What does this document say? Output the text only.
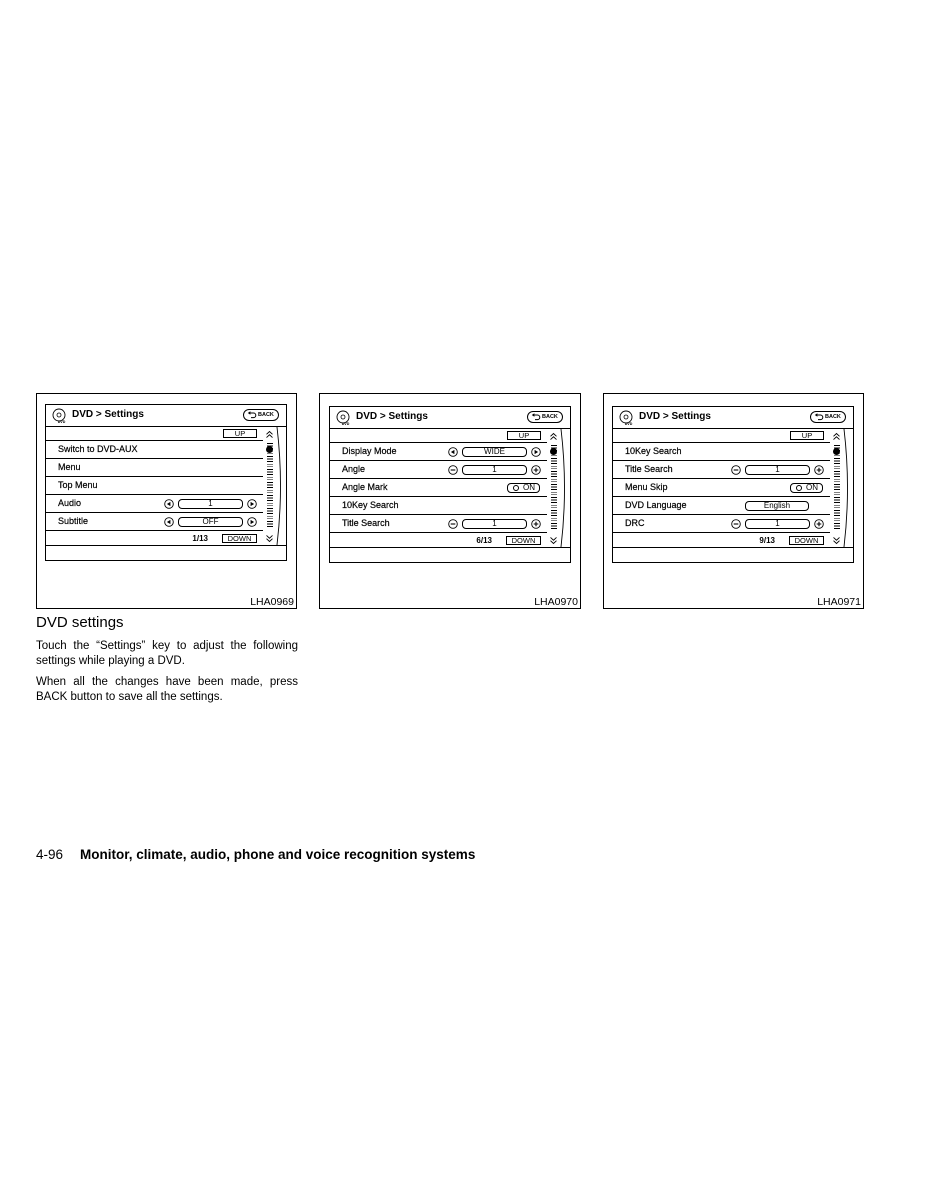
DVD
DVD > Settings	BACK
UP
Switch to DVD-AUX
Menu
Top Menu
Audio	1
Subtitle	OFF
1/13	DOWN
LHA0969
DVD
DVD > Settings	BACK
UP
Display Mode	WIDE
Angle	1
Angle Mark	ON
10Key Search
Title Search	1
6/13	DOWN
LHA0970
DVD
DVD > Settings	BACK
UP
10Key Search
Title Search	1
Menu Skip	ON
DVD Language	English
DRC	1
9/13	DOWN
LHA0971
DVD settings

Touch the “Settings” key to adjust the following settings while playing a DVD.

When all the changes have been made, press BACK button to save all the settings.

4-96 Monitor, climate, audio, phone and voice recognition systems
